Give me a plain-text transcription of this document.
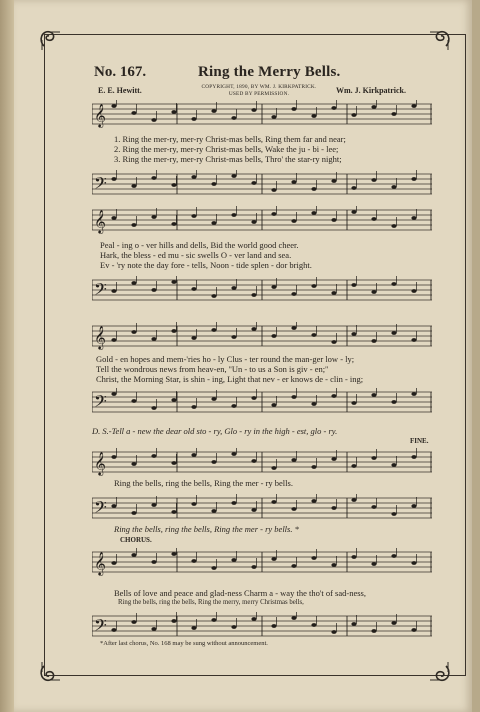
No. 167.	Ring the Merry Bells.
COPYRIGHT, 1890, BY WM. J. KIRKPATRICK.
USED BY PERMISSION.
E. E. Hewitt.	Wm. J. Kirkpatrick.
𝄞
1. Ring the mer-ry, mer-ry Christ-mas bells, Ring them far and near;
2. Ring the mer-ry, mer-ry Christ-mas bells, Wake the ju - bi - lee;
3. Ring the mer-ry, mer-ry Christ-mas bells, Thro' the star-ry night;
𝄢
𝄞
Peal - ing o - ver hills and dells, Bid the world good cheer.
Hark, the bless - ed mu - sic swells O - ver land and sea.
Ev - 'ry note the day fore - tells, Noon - tide splen - dor bright.
𝄢
𝄞
Gold - en hopes and mem-'ries ho - ly Clus - ter round the man-ger low - ly;
Tell the wondrous news from heav-en, ''Un - to us a Son is giv - en;''
Christ, the Morning Star, is shin - ing, Light that nev - er knows de - clin - ing;
𝄢
D. S.-Tell a - new the dear old sto - ry, Glo - ry in the high - est, glo - ry.
FINE.
𝄞
Ring the bells, ring the bells, Ring the mer - ry bells.
𝄢
Ring the bells, ring the bells, Ring the mer - ry bells. *
CHORUS.
𝄞
Bells of love and peace and glad-ness Charm a - way the tho't of sad-ness,
Ring the bells, ring the bells, Ring the merry, merry Christmas bells,
𝄢
*After last chorus, No. 168 may be sung without announcement.
